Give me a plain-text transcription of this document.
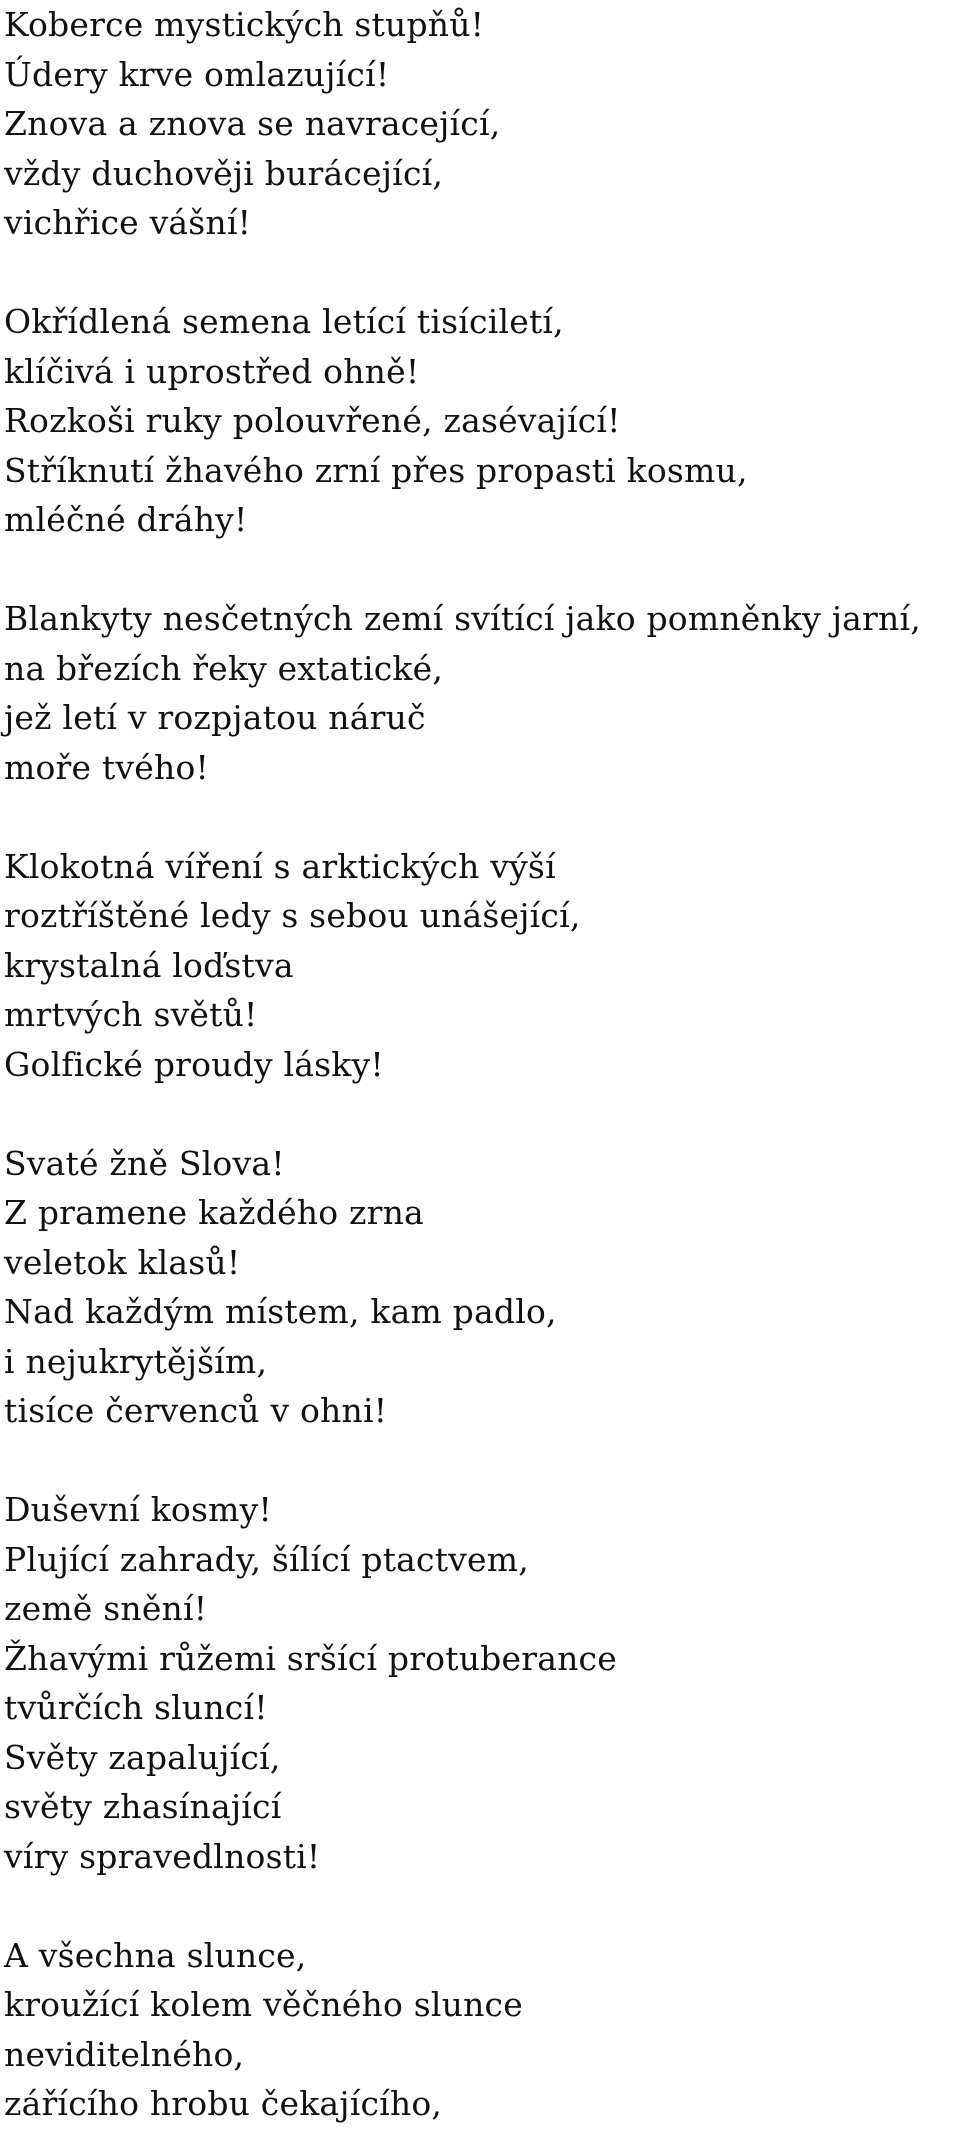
Koberce mystických stupňů!
Údery krve omlazující!
Znova a znova se navracející,
vždy duchověji burácející,
vichřice vášní!
Okřídlená semena letící tisíciletí,
klíčivá i uprostřed ohně!
Rozkoši ruky polouvřené, zasévající!
Stříknutí žhavého zrní přes propasti kosmu,
mléčné dráhy!
Blankyty nesčetných zemí svítící jako pomněnky jarní,
na březích řeky extatické,
jež letí v rozpjatou náruč
moře tvého!
Klokotná víření s arktických výší
roztříštěné ledy s sebou unášející,
krystalná loďstva
mrtvých světů!
Golfické proudy lásky!
Svaté žně Slova!
Z pramene každého zrna
veletok klasů!
Nad každým místem, kam padlo,
i nejukrytějším,
tisíce červenců v ohni!
Duševní kosmy!
Plující zahrady, šílící ptactvem,
země snění!
Žhavými růžemi sršící protuberance
tvůrčích sluncí!
Světy zapalující,
světy zhasínající
víry spravedlnosti!
A všechna slunce,
kroužící kolem věčného slunce
neviditelného,
zářícího hrobu čekajícího,
